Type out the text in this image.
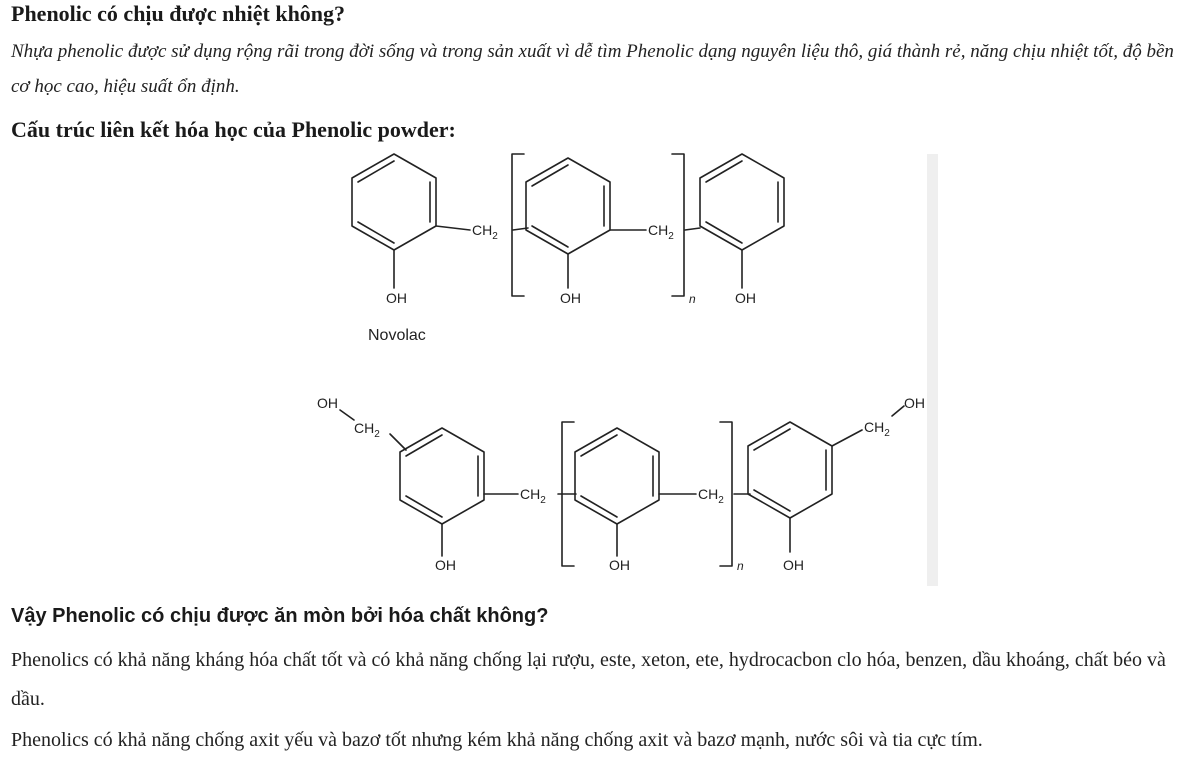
Phenolic có chịu được nhiệt không?

Nhựa phenolic được sử dụng rộng rãi trong đời sống và trong sản xuất vì dễ tìm Phenolic dạng nguyên liệu thô, giá thành rẻ, năng chịu nhiệt tốt, độ bền cơ học cao, hiệu suất ổn định.

Cấu trúc liên kết hóa học của Phenolic powder:
OH	OH	OH
$CH_2$	$CH_2$
n
Novolac
OH
$CH_2$
OH
$CH_2$
OH
$CH_2$
n	OH
$CH_2$
OH
Vậy Phenolic có chịu được ăn mòn bởi hóa chất không?

Phenolics có khả năng kháng hóa chất tốt và có khả năng chống lại rượu, este, xeton, ete, hydrocacbon clo hóa, benzen, dầu khoáng, chất béo và dầu.

Phenolics có khả năng chống axit yếu và bazơ tốt nhưng kém khả năng chống axit và bazơ mạnh, nước sôi và tia cực tím.
